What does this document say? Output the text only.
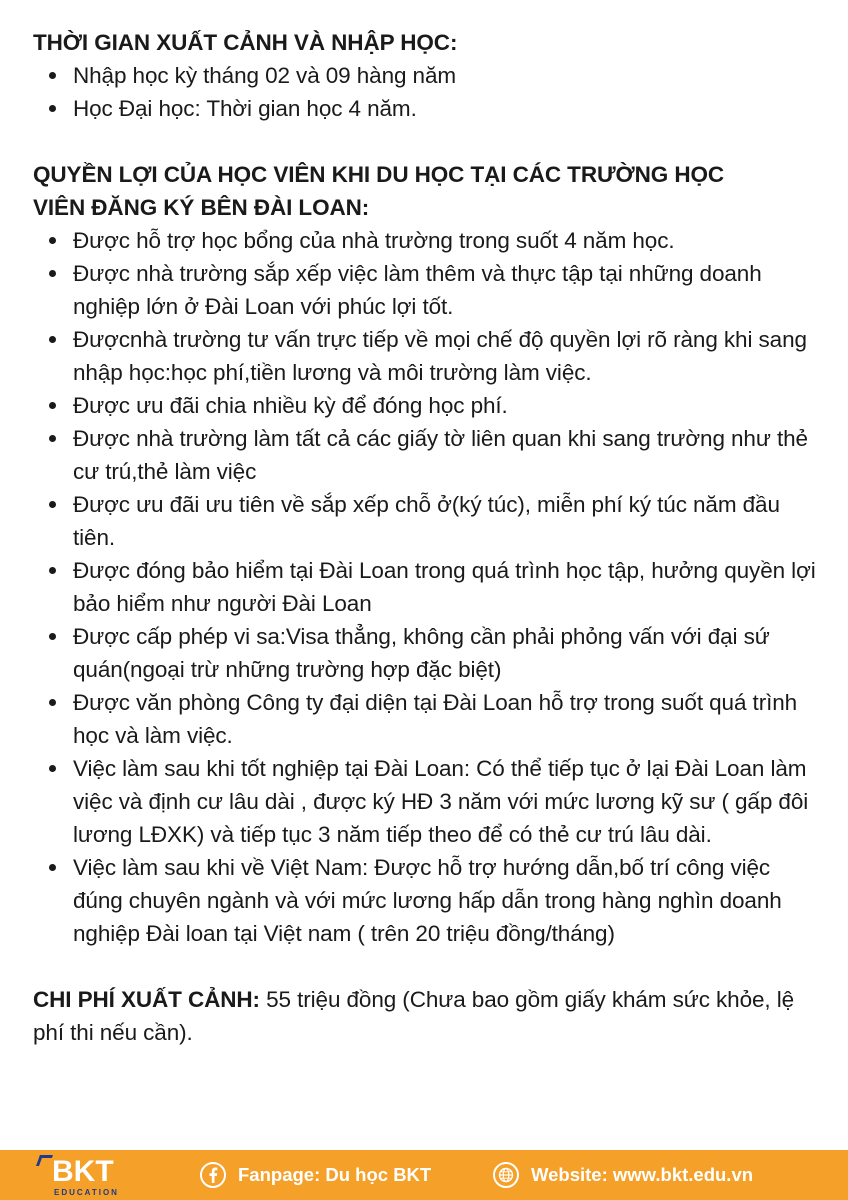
THỜI GIAN XUẤT CẢNH VÀ NHẬP HỌC:

Nhập học kỳ tháng 02 và 09 hàng năm
Học Đại học: Thời gian học 4 năm.

QUYỀN LỢI CỦA HỌC VIÊN KHI DU HỌC TẠI CÁC TRƯỜNG HỌC
VIÊN ĐĂNG KÝ BÊN ĐÀI LOAN:

Được hỗ trợ học bổng của nhà trường trong suốt 4 năm học.
Được nhà trường sắp xếp việc làm thêm và thực tập tại những doanh nghiệp lớn ở Đài Loan với phúc lợi tốt.
Đượcnhà trường tư vấn trực tiếp về mọi chế độ quyền lợi rõ ràng khi sang nhập học:học phí,tiền lương và môi trường làm việc.
Được ưu đãi chia nhiều kỳ để đóng học phí.
Được nhà trường làm tất cả các giấy tờ liên quan khi sang trường như thẻ cư trú,thẻ làm việc
Được ưu đãi ưu tiên về sắp xếp chỗ ở(ký túc), miễn phí ký túc năm đầu tiên.
Được đóng bảo hiểm tại Đài Loan trong quá trình học tập, hưởng quyền lợi bảo hiểm như người Đài Loan
Được cấp phép vi sa:Visa thẳng, không cần phải phỏng vấn với đại sứ quán(ngoại trừ những trường hợp đặc biệt)
Được văn phòng Công ty đại diện tại Đài Loan hỗ trợ trong suốt quá trình học và làm việc.
Việc làm sau khi tốt nghiệp tại Đài Loan: Có thể tiếp tục ở lại Đài Loan làm việc và định cư lâu dài , được ký HĐ 3 năm với mức lương kỹ sư ( gấp đôi lương LĐXK) và tiếp tục 3 năm tiếp theo để có thẻ cư trú lâu dài.
Việc làm sau khi về Việt Nam: Được hỗ trợ hướng dẫn,bố trí công việc đúng chuyên ngành và với mức lương hấp dẫn trong hàng nghìn doanh nghiệp Đài loan tại Việt nam ( trên 20 triệu đồng/tháng)

CHI PHÍ XUẤT CẢNH: 55 triệu đồng (Chưa bao gồm giấy khám sức khỏe, lệ phí thi nếu cần).

BKT
EDUCATION
Fanpage: Du học BKT	Website: www.bkt.edu.vn
